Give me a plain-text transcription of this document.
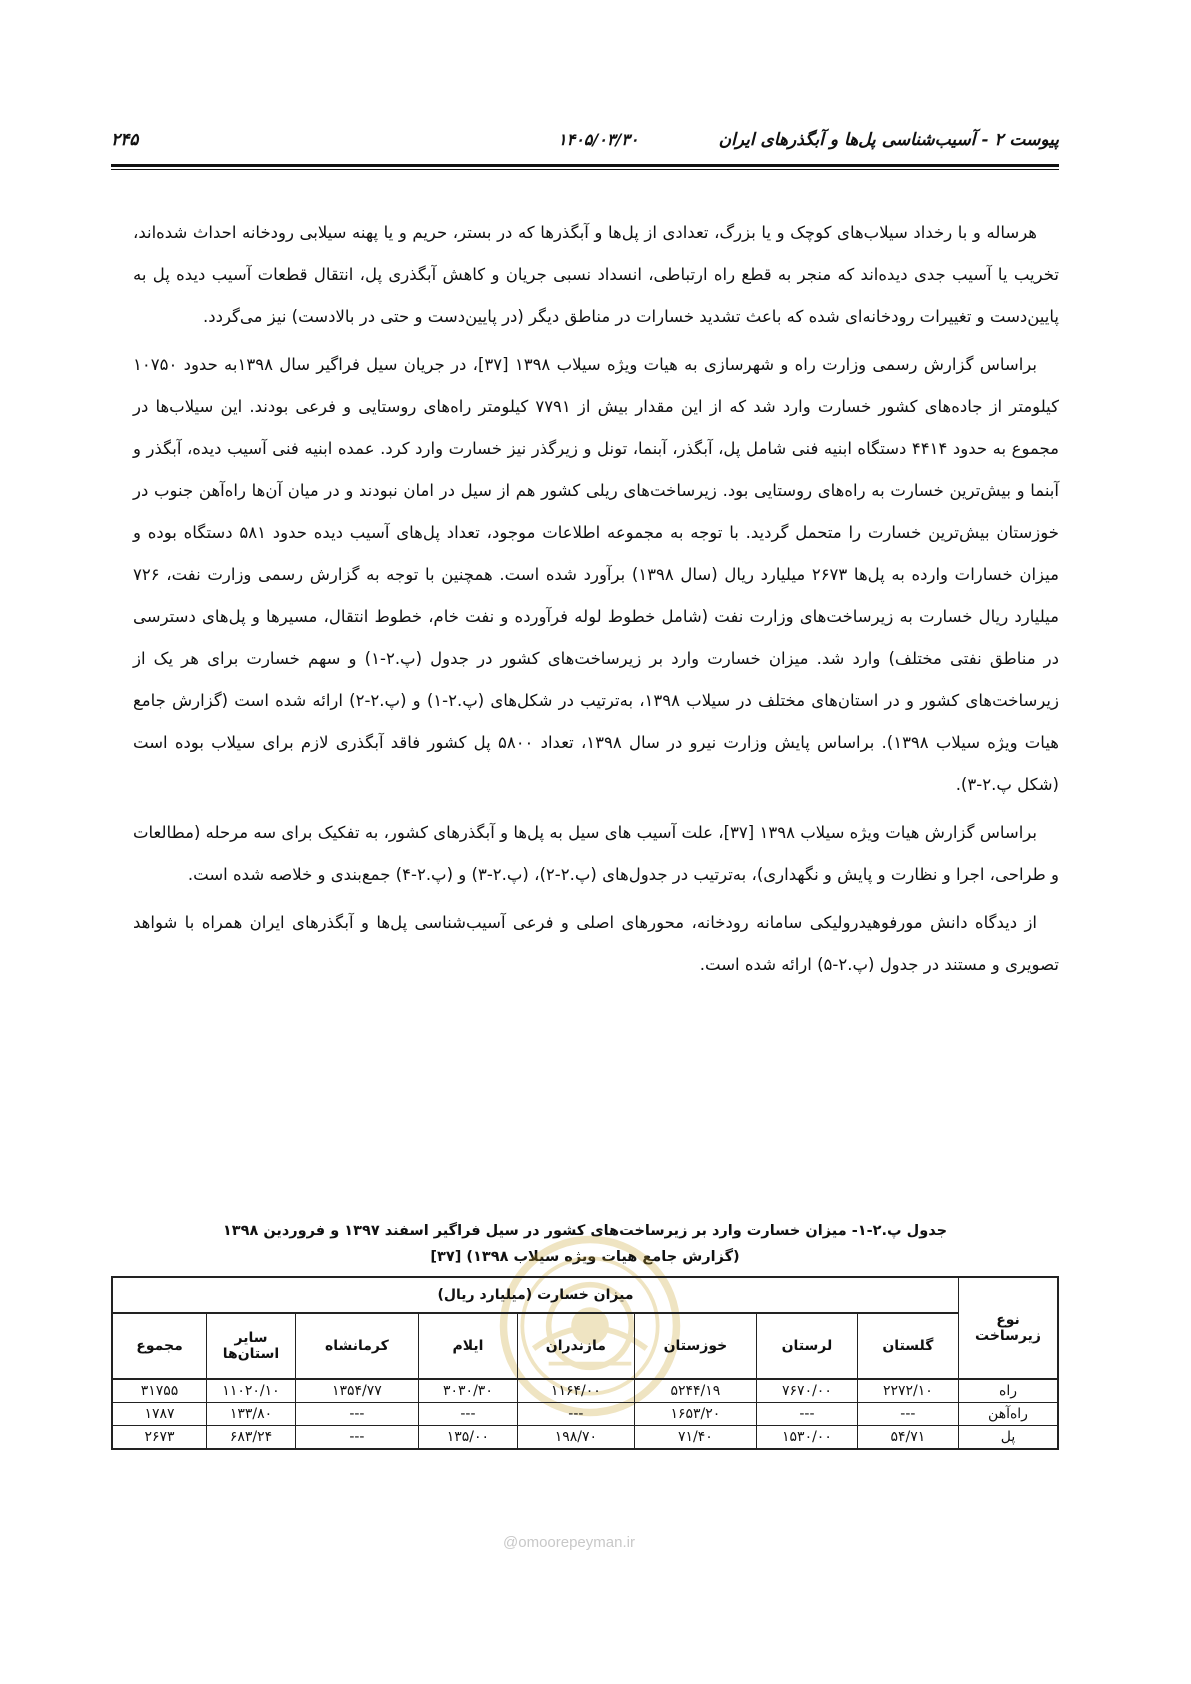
پیوست ۲ - آسیب‌شناسی پل‌ها و آبگذرهای ایران
۱۴۰۵/۰۳/۳۰
۲۴۵

هرساله و با رخداد سیلاب‌های کوچک و یا بزرگ، تعدادی از پل‌ها و آبگذرها که در بستر، حریم و یا پهنه سیلابی رودخانه احداث شده‌اند، تخریب یا آسیب جدی دیده‌اند که منجر به قطع راه ارتباطی، انسداد نسبی جریان و کاهش آبگذری پل، انتقال قطعات آسیب دیده پل به پایین‌دست و تغییرات رودخانه‌ای شده که باعث تشدید خسارات در مناطق دیگر (در پایین‌دست و حتی در بالادست) نیز می‌گردد.

براساس گزارش رسمی وزارت راه و شهرسازی به هیات ویژه سیلاب ۱۳۹۸ [۳۷]، در جریان سیل فراگیر سال ۱۳۹۸به حدود ۱۰۷۵۰ کیلومتر از جاده‌های کشور خسارت وارد شد که از این مقدار بیش از ۷۷۹۱ کیلومتر راه‌های روستایی و فرعی بودند. این سیلاب‌ها در مجموع به حدود ۴۴۱۴ دستگاه ابنیه فنی شامل پل، آبگذر، آبنما، تونل و زیرگذر نیز خسارت وارد کرد. عمده ابنیه فنی آسیب دیده، آبگذر و آبنما و بیش‌ترین خسارت به راه‌های روستایی بود. زیرساخت‌های ریلی کشور هم از سیل در امان نبودند و در میان آن‌ها راه‌آهن جنوب در خوزستان بیش‌ترین خسارت را متحمل گردید. با توجه به مجموعه اطلاعات موجود، تعداد پل‌های آسیب دیده حدود ۵۸۱ دستگاه بوده و میزان خسارات وارده به پل‌ها ۲۶۷۳ میلیارد ریال (سال ۱۳۹۸) برآورد شده است. همچنین با توجه به گزارش رسمی وزارت نفت، ۷۲۶ میلیارد ریال خسارت به زیرساخت‌های وزارت نفت (شامل خطوط لوله فرآورده و نفت خام، خطوط انتقال، مسیرها و پل‌های دسترسی در مناطق نفتی مختلف) وارد شد. میزان خسارت وارد بر زیرساخت‌های کشور در جدول (پ.۲-۱) و سهم خسارت برای هر یک از زیرساخت‌های کشور و در استان‌های مختلف در سیلاب ۱۳۹۸، به‌ترتیب در شکل‌های (پ.۲-۱) و (پ.۲-۲) ارائه شده است (گزارش جامع هیات ویژه سیلاب ۱۳۹۸). براساس پایش وزارت نیرو در سال ۱۳۹۸، تعداد ۵۸۰۰ پل کشور فاقد آبگذری لازم برای سیلاب بوده است (شکل پ.۲-۳).

براساس گزارش هیات ویژه سیلاب ۱۳۹۸ [۳۷]، علت آسیب های سیل به پل‌ها و آبگذرهای کشور، به تفکیک برای سه مرحله (مطالعات و طراحی، اجرا و نظارت و پایش و نگهداری)، به‌ترتیب در جدول‌های (پ.۲-۲)، (پ.۲-۳) و (پ.۲-۴) جمع‌بندی و خلاصه شده است.

از دیدگاه دانش مورفوهیدرولیکی سامانه رودخانه، محورهای اصلی و فرعی آسیب‌شناسی پل‌ها و آبگذرهای ایران همراه با شواهد تصویری و مستند در جدول (پ.۲-۵) ارائه شده است.

جدول پ.۲-۱- میزان خسارت وارد بر زیرساخت‌های کشور در سیل فراگیر اسفند ۱۳۹۷ و فروردین ۱۳۹۸
(گزارش جامع هیات ویژه سیلاب ۱۳۹۸) [۳۷]
نوع زیرساخت	میزان خسارت (میلیارد ریال)							
	گلستان	لرستان	خوزستان	مازندران	ایلام	کرمانشاه	سایر استان‌ها	مجموع
راه	۲۲۷۲/۱۰	۷۶۷۰/۰۰	۵۲۴۴/۱۹	۱۱۶۴/۰۰	۳۰۳۰/۳۰	۱۳۵۴/۷۷	۱۱۰۲۰/۱۰	۳۱۷۵۵
راه‌آهن	---	---	۱۶۵۳/۲۰	---	---	---	۱۳۳/۸۰	۱۷۸۷
پل	۵۴/۷۱	۱۵۳۰/۰۰	۷۱/۴۰	۱۹۸/۷۰	۱۳۵/۰۰	---	۶۸۳/۲۴	۲۶۷۳
@omoorepeyman.ir
